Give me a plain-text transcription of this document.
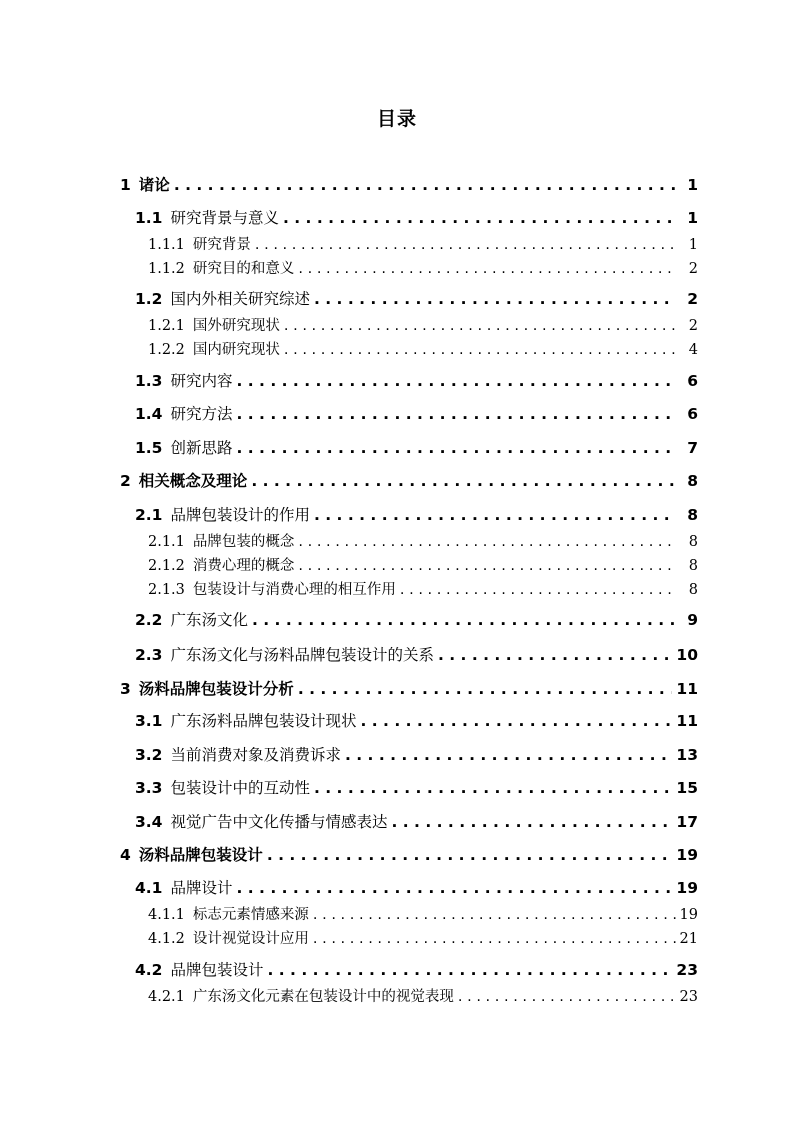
目录
1 诸论 . . .	1
1.1 研究背景与意义 . . .	1
1.1.1 研究背景 . . .	1
1.1.2 研究目的和意义 . . .	2
1.2 国内外相关研究综述 . . .	2
1.2.1 国外研究现状 . . .	2
1.2.2 国内研究现状 . . .	4
1.3 研究内容 . . .	6
1.4 研究方法 . . .	6
1.5 创新思路 . . .	7
2 相关概念及理论 . . .	8
2.1 品牌包装设计的作用 . . .	8
2.1.1 品牌包装的概念 . . .	8
2.1.2 消费心理的概念 . . .	8
2.1.3 包装设计与消费心理的相互作用 . . .	8
2.2 广东汤文化 . . .	9
2.3 广东汤文化与汤料品牌包装设计的关系 . . .	10
3 汤料品牌包装设计分析 . . .	11
3.1 广东汤料品牌包装设计现状 . . .	11
3.2 当前消费对象及消费诉求 . . .	13
3.3 包装设计中的互动性 . . .	15
3.4 视觉广告中文化传播与情感表达 . . .	17
4 汤料品牌包装设计 . . .	19
4.1 品牌设计 . . .	19
4.1.1 标志元素情感来源 . . .	19
4.1.2 设计视觉设计应用 . . .	21
4.2 品牌包装设计 . . .	23
4.2.1 广东汤文化元素在包装设计中的视觉表现 . . .	23
